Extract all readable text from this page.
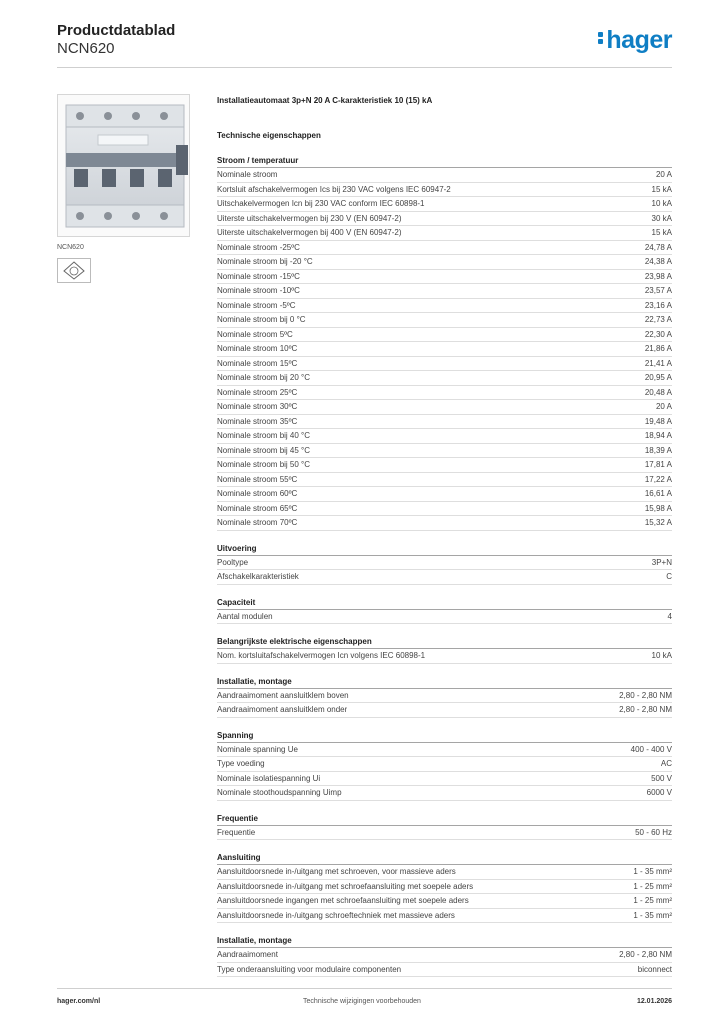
Productdatablad
NCN620	hager
NCN620
Installatieautomaat 3p+N 20 A C-karakteristiek 10 (15) kA
Technische eigenschappen
Stroom / temperatuur
Nominale stroom	20 A
Kortsluit afschakelvermogen Ics bij 230 VAC volgens IEC 60947-2	15 kA
Uitschakelvermogen Icn bij 230 VAC conform IEC 60898-1	10 kA
Uiterste uitschakelvermogen bij 230 V (EN 60947-2)	30 kA
Uiterste uitschakelvermogen bij 400 V (EN 60947-2)	15 kA
Nominale stroom -25ºC	24,78 A
Nominale stroom bij -20 °C	24,38 A
Nominale stroom -15ºC	23,98 A
Nominale stroom -10ºC	23,57 A
Nominale stroom -5ºC	23,16 A
Nominale stroom bij 0 °C	22,73 A
Nominale stroom 5ºC	22,30 A
Nominale stroom 10ºC	21,86 A
Nominale stroom 15ºC	21,41 A
Nominale stroom bij 20 °C	20,95 A
Nominale stroom 25ºC	20,48 A
Nominale stroom 30ºC	20 A
Nominale stroom 35ºC	19,48 A
Nominale stroom bij 40 °C	18,94 A
Nominale stroom bij 45 °C	18,39 A
Nominale stroom bij 50 °C	17,81 A
Nominale stroom 55ºC	17,22 A
Nominale stroom 60ºC	16,61 A
Nominale stroom 65ºC	15,98 A
Nominale stroom 70ºC	15,32 A
Uitvoering
Pooltype	3P+N
Afschakelkarakteristiek	C
Capaciteit
Aantal modulen	4
Belangrijkste elektrische eigenschappen
Nom. kortsluitafschakelvermogen Icn volgens IEC 60898-1	10 kA
Installatie, montage
Aandraaimoment aansluitklem boven	2,80 - 2,80 NM
Aandraaimoment aansluitklem onder	2,80 - 2,80 NM
Spanning
Nominale spanning Ue	400 - 400 V
Type voeding	AC
Nominale isolatiespanning Ui	500 V
Nominale stoothoudspanning Uimp	6000 V
Frequentie
Frequentie	50 - 60 Hz
Aansluiting
Aansluitdoorsnede in-/uitgang met schroeven, voor massieve aders	1 - 35 mm²
Aansluitdoorsnede in-/uitgang met schroefaansluiting met soepele aders	1 - 25 mm²
Aansluitdoorsnede ingangen met schroefaansluiting met soepele aders	1 - 25 mm²
Aansluitdoorsnede in-/uitgang schroeftechniek met massieve aders	1 - 35 mm²
Installatie, montage
Aandraaimoment	2,80 - 2,80 NM
Type onderaansluiting voor modulaire componenten	biconnect
hager.com/nl	Technische wijzigingen voorbehouden	12.01.2026
